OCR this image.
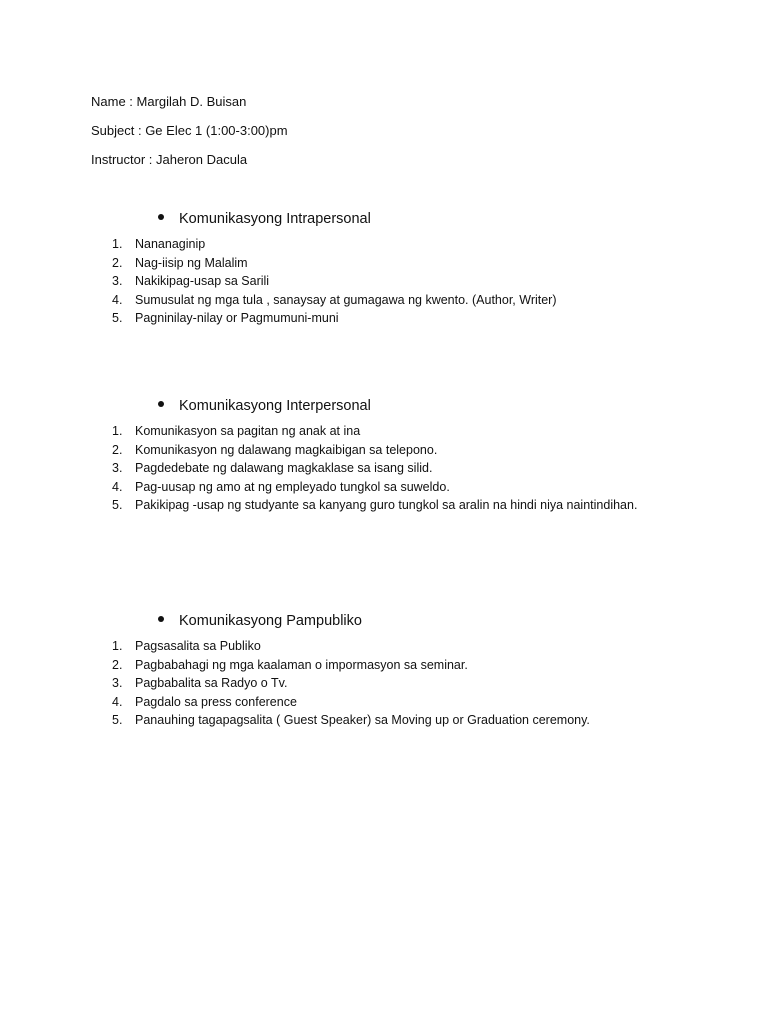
Name : Margilah D. Buisan
Subject : Ge Elec 1 (1:00-3:00)pm
Instructor : Jaheron Dacula
Komunikasyong Intrapersonal
1.	Nananaginip
2.	Nag-iisip ng Malalim
3.	Nakikipag-usap sa Sarili
4.	Sumusulat ng mga tula , sanaysay at gumagawa ng kwento. (Author, Writer)
5.	Pagninilay-nilay or Pagmumuni-muni
Komunikasyong Interpersonal
1.	Komunikasyon sa pagitan ng anak at ina
2.	Komunikasyon ng dalawang magkaibigan sa telepono.
3.	Pagdedebate ng dalawang magkaklase sa isang silid.
4.	Pag-uusap ng amo at ng empleyado tungkol sa suweldo.
5.	Pakikipag -usap ng studyante sa kanyang guro tungkol sa aralin na hindi niya naintindihan.
Komunikasyong Pampubliko
1.	Pagsasalita sa Publiko
2.	Pagbabahagi ng mga kaalaman o impormasyon sa seminar.
3.	Pagbabalita sa Radyo o Tv.
4.	Pagdalo sa press conference
5.	Panauhing tagapagsalita ( Guest Speaker) sa Moving up or Graduation ceremony.
